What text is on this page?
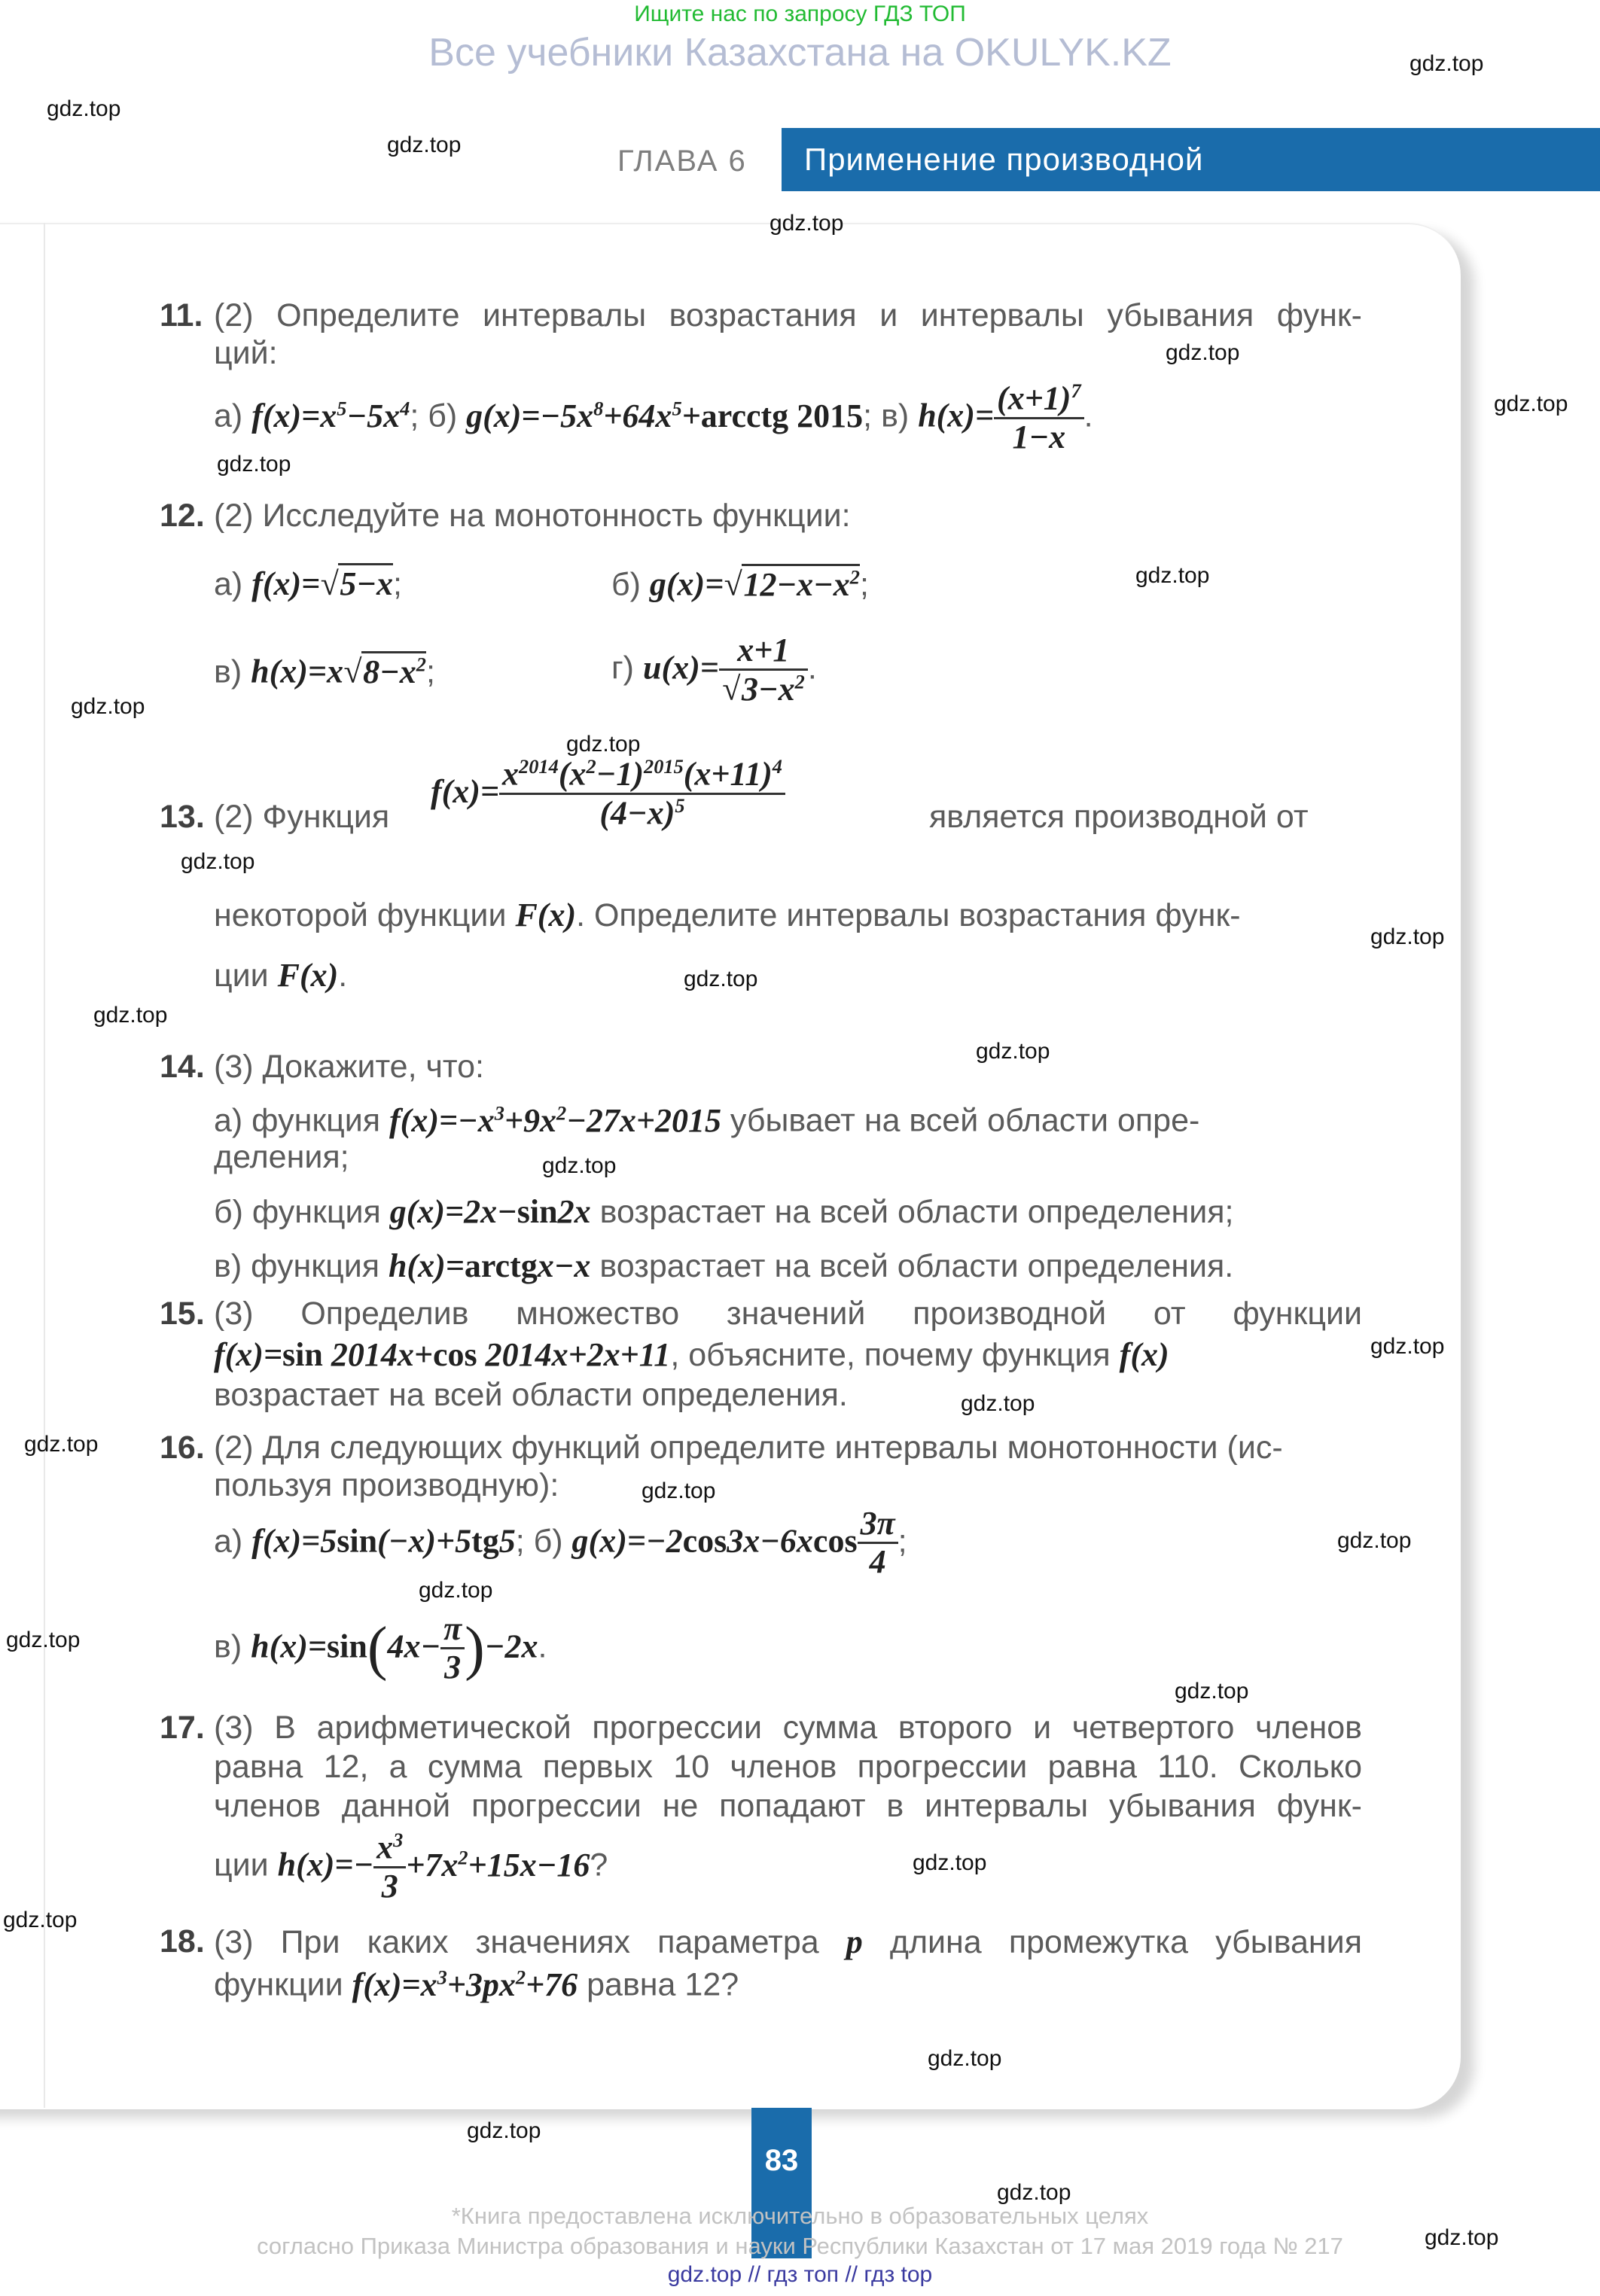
Ищите нас по запросу ГДЗ ТОП
Все учебники Казахстана на OKULYK.KZ
ГЛАВА 6 Применение производной
11. (2) Определите интервалы возрастания и интервалы убывания функ-
ций:
а) $f(x)=x^5-5x^4$; б) $g(x)=-5x^8+64x^5+arcctg$ 2015; в) $h(x)= \frac{(x+1)^7}{1-x}$ .
12. (2) Исследуйте на монотонность функции:
а) f(x)=√5−x;	б) $g(x)=√12-x-x^2$;
в) $h(x)=x√8-x^2$;	г) $u(x)= \frac{x+1}{√3-x^2}$ .
13. (2) Функция
$f(x)= \frac{x^{2014}(x^2-1)^{2015}(x+11)^4}{(4-x)^5}$	является производной от
некоторой функции F(x). Определите интервалы возрастания функ-
ции F(x).
14. (3) Докажите, что:
а) функция $f(x)=-x^3+9x^2-27x+2015$ убывает на всей области опре-
деления;
б) функция g(x)=2x−sin2x возрастает на всей области определения;
в) функция h(x)=arctgx−x возрастает на всей области определения.
15. (3) Определив множество значений производной от функции
f(x)=sin 2014x+cos 2014x+2x+11, объясните, почему функция f(x)
возрастает на всей области определения.
16. (2) Для следующих функций определите интервалы монотонности (ис-
пользуя производную):
а) f(x)=5sin(−x)+5tg5; б) $g(x)=-2\cos 3x-6xcos \frac{3\pi}{4}$ ;
в) $h(x)=\sin(4x- \frac{\pi}{3} )-2x$.
17. (3) В арифметической прогрессии сумма второго и четвертого членов
равна 12, а сумма первых 10 членов прогрессии равна 110. Сколько
членов данной прогрессии не попадают в интервалы убывания функ-
ции $h(x)=- \frac{x^3}{3} +7x^2+15x-16$?
18. (3) При каких значениях параметра p длина промежутка убывания
функции $f(x)=x^3+3px^2+76$ равна 12?
83
*Книга предоставлена исключительно в образовательных целях
согласно Приказа Министра образования и науки Республики Казахстан от 17 мая 2019 года № 217
gdz.top // гдз топ // гдз top
gdz.top
gdz.top
gdz.top
gdz.top
gdz.top
gdz.top
gdz.top
gdz.top
gdz.top
gdz.top
gdz.top
gdz.top
gdz.top
gdz.top
gdz.top
gdz.top
gdz.top
gdz.top
gdz.top
gdz.top
gdz.top
gdz.top
gdz.top
gdz.top
gdz.top
gdz.top
gdz.top
gdz.top
gdz.top
gdz.top
